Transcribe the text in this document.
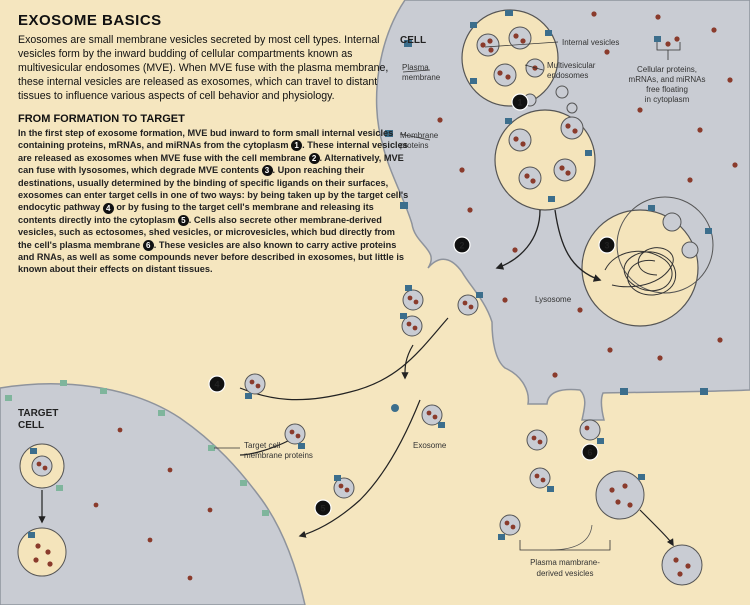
1
2	3
4
5
6
CELL
TARGET
CELL
Internal vesicles
Multivesicular
endosomes
Plasma
membrane
Membrane
proteins
Cellular proteins,
mRNAs, and miRNAs
free floating
in cytoplasm
Lysosome
Exosome
Target cell
membrane proteins
Plasma mambrane-
derived vesicles
EXOSOME BASICS

Exosomes are small membrane vesicles secreted by most cell types. Internal vesicles form by the inward budding of cellular compartments known as multivesicular endosomes (MVE). When MVE fuse with the plasma membrane, these internal vesicles are released as exosomes, which can travel to distant tissues to influence various aspects of cell behavior and physiology.

FROM FORMATION TO TARGET

In the first step of exosome formation, MVE bud inward to form small internal vesicles containing proteins, mRNAs, and miRNAs from the cytoplasm 1 . These internal vesicles are released as exosomes when MVE fuse with the cell membrane 2 . Alternatively, MVE can fuse with lysosomes, which degrade MVE contents 3 . Upon reaching their destinations, usually determined by the binding of specific ligands on their surfaces, exosomes can enter target cells in one of two ways: by being taken up by the target cell's endocytic pathway 4 or by fusing to the target cell's membrane and releasing its contents directly into the cytoplasm 5 . Cells also secrete other membrane-derived vesicles, such as ectosomes, shed vesicles, or microvesicles, which bud directly from the cell's plasma membrane 6 . These vesicles are also known to carry active proteins and RNAs, as well as some compounds never before described in exosomes, but little is known about their effects on distant tissues.
